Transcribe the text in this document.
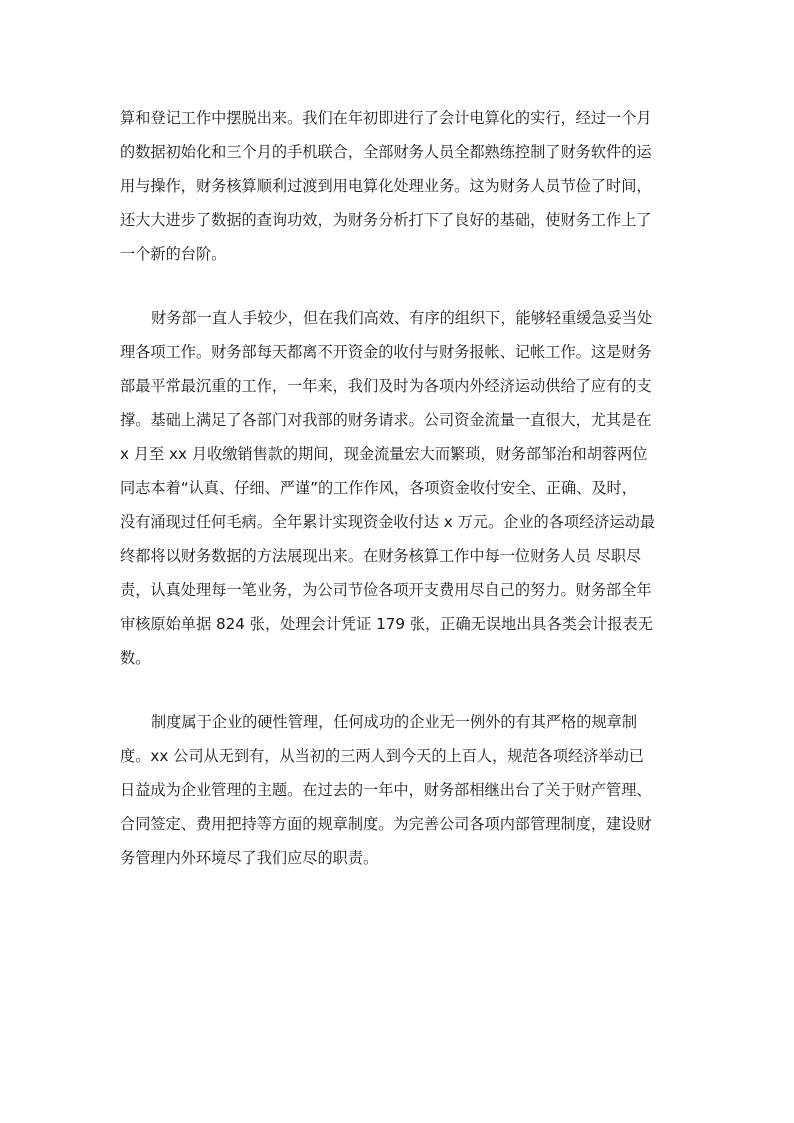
算和登记工作中摆脱出来。我们在年初即进行了会计电算化的实行，经过一个月
的数据初始化和三个月的手机联合，全部财务人员全都熟练控制了财务软件的运
用与操作，财务核算顺利过渡到用电算化处理业务。这为财务人员节俭了时间，
还大大进步了数据的查询功效，为财务分析打下了良好的基础，使财务工作上了
一个新的台阶。
财务部一直人手较少，但在我们高效、有序的组织下，能够轻重缓急妥当处
理各项工作。财务部每天都离不开资金的收付与财务报帐、记帐工作。这是财务
部最平常最沉重的工作，一年来，我们及时为各项内外经济运动供给了应有的支
撑。基础上满足了各部门对我部的财务请求。公司资金流量一直很大，尤其是在
x 月至 xx 月收缴销售款的期间，现金流量宏大而繁琐，财务部邹治和胡蓉两位
同志本着“认真、仔细、严谨”的工作作风，各项资金收付安全、正确、及时，
没有涌现过任何毛病。全年累计实现资金收付达 x 万元。企业的各项经济运动最
终都将以财务数据的方法展现出来。在财务核算工作中每一位财务人员 尽职尽
责，认真处理每一笔业务，为公司节俭各项开支费用尽自己的努力。财务部全年
审核原始单据 824 张，处理会计凭证 179 张，正确无误地出具各类会计报表无
数。
制度属于企业的硬性管理，任何成功的企业无一例外的有其严格的规章制
度。xx 公司从无到有，从当初的三两人到今天的上百人，规范各项经济举动已
日益成为企业管理的主题。在过去的一年中，财务部相继出台了关于财产管理、
合同签定、费用把持等方面的规章制度。为完善公司各项内部管理制度，建设财
务管理内外环境尽了我们应尽的职责。
